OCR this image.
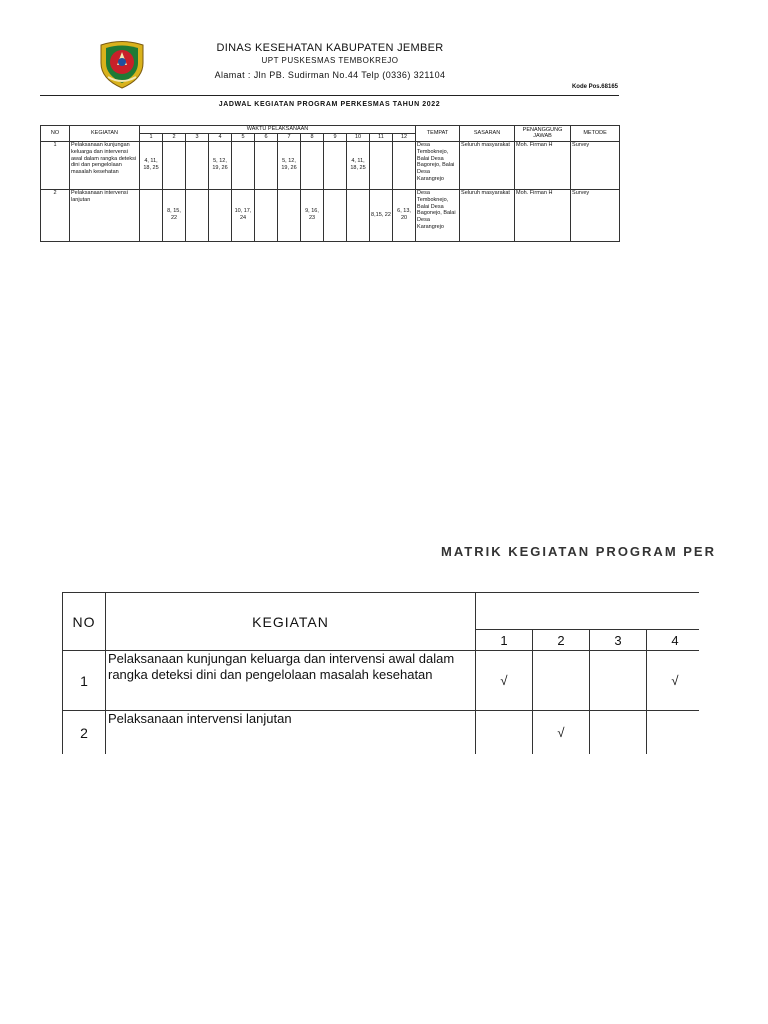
DINAS KESEHATAN KABUPATEN JEMBER
UPT PUSKESMAS TEMBOKREJO
Alamat : Jln PB. Sudirman No.44 Telp (0336) 321104
Kode Pos.68165
JADWAL KEGIATAN PROGRAM PERKESMAS TAHUN 2022
NO	KEGIATAN	WAKTU PELAKSANAAN												TEMPAT	SASARAN	PENANGGUNG JAWAB	METODE
		1	2	3	4	5	6	7	8	9	10	11	12				
1	Pelaksanaan kunjungan keluarga dan intervensi awal dalam rangka deteksi dini dan pengelolaan masalah kesehatan	4, 11, 18, 25			5, 12, 19, 26			5, 12, 19, 26			4, 11, 18, 25			Desa Temboknejo, Balai Desa Bagorejo, Balai Desa Karangrejo	Seluruh masyarakat	Moh. Firman H	Survey
2	Pelaksanaan intervensi lanjutan		8, 15, 22			10, 17, 24			9, 16, 23			8,15, 22	6, 13, 20	Desa Temboknejo, Balai Desa Bagonejo, Balai Desa Karangrejo	Seluruh masyarakat	Moh. Firman H	Survey
MATRIK KEGIATAN PROGRAM PER
NO	KEGIATAN					
		1	2	3	4	
1	Pelaksanaan kunjungan keluarga dan intervensi awal dalam rangka deteksi dini dan pengelolaan masalah kesehatan	√			√	
2	Pelaksanaan intervensi lanjutan		√			
